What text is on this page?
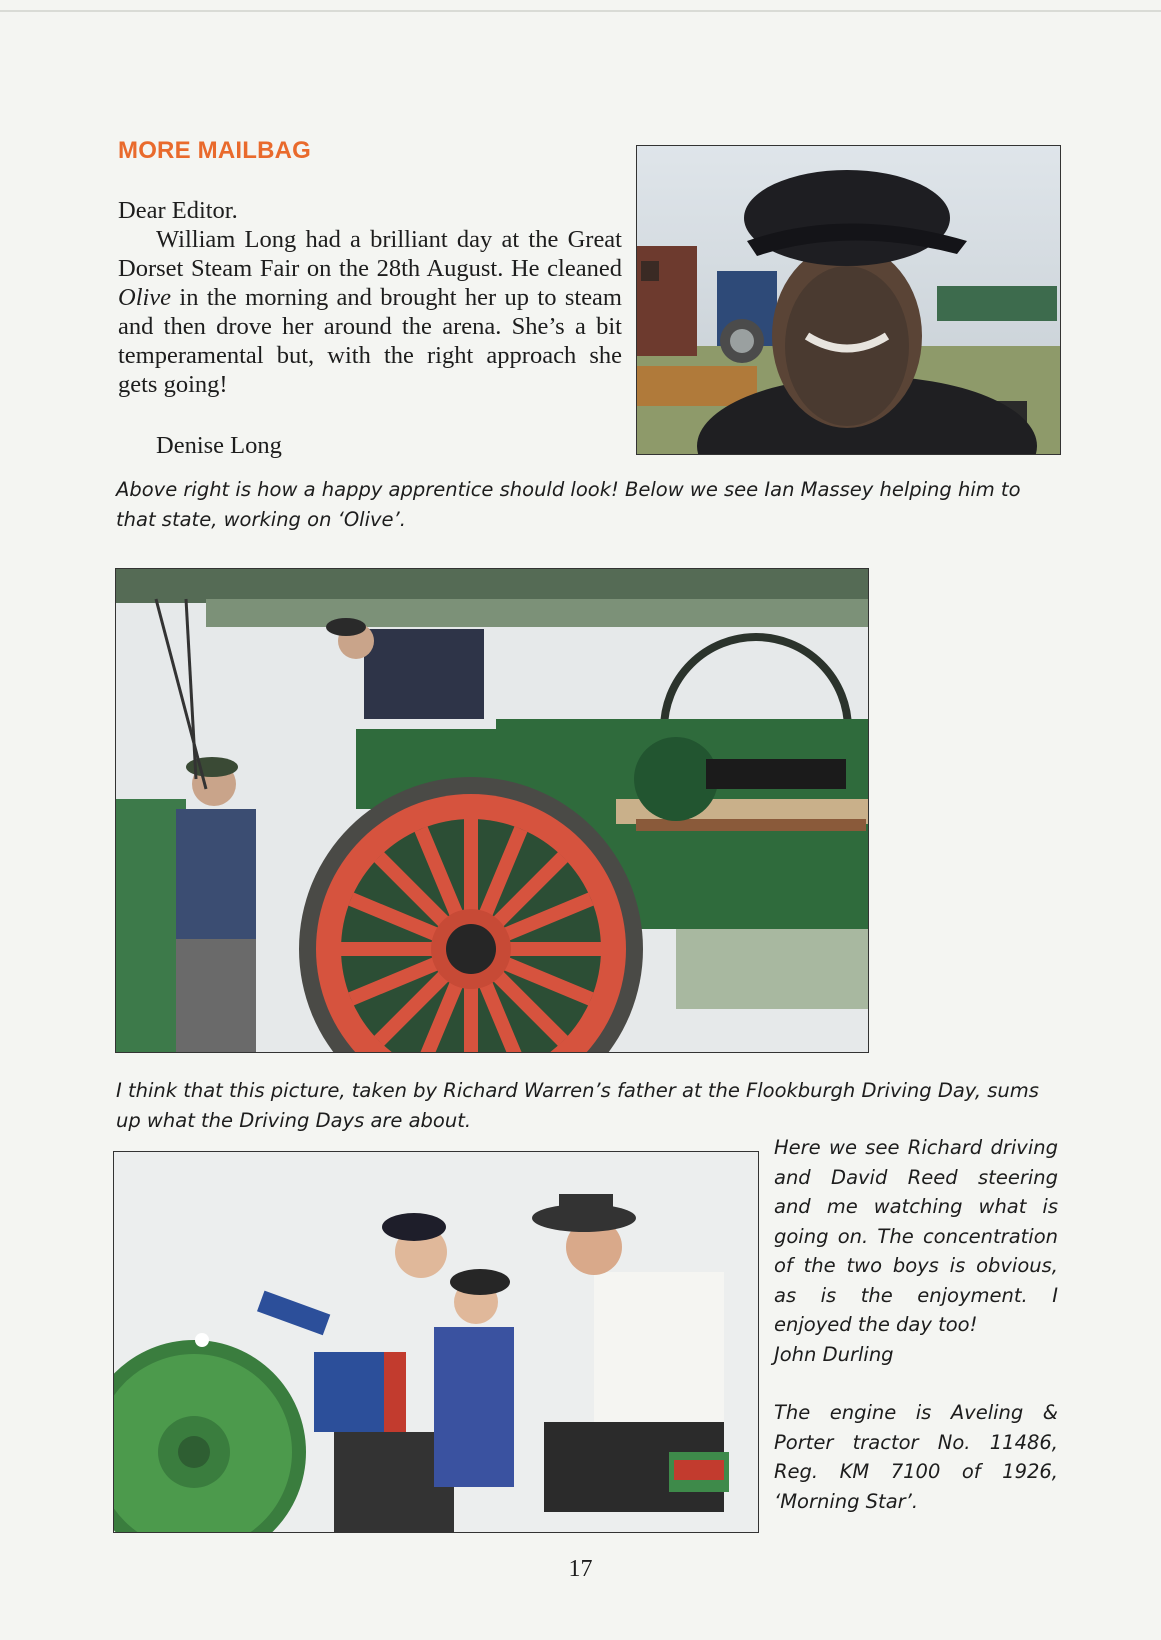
MORE MAILBAG

Dear Editor.

William Long had a brilliant day at the Great Dorset Steam Fair on the 28th August. He cleaned Olive in the morning and brought her up to steam and then drove her around the arena. She’s a bit temperamental but, with the right approach she gets going!

Denise Long
Above right is how a happy apprentice should look! Below we see Ian Massey helping him to that state, working on ‘Olive’.
I think that this picture, taken by Richard Warren’s father at the Flookburgh Driving Day, sums up what the Driving Days are about.

Here we see Richard driving and David Reed steering and me watching what is going on. The concentration of the two boys is obvious, as is the enjoyment. I enjoyed the day too!

John Durling

The engine is Aveling & Porter tractor No. 11486, Reg. KM 7100 of 1926, ‘Morning Star’.

17
